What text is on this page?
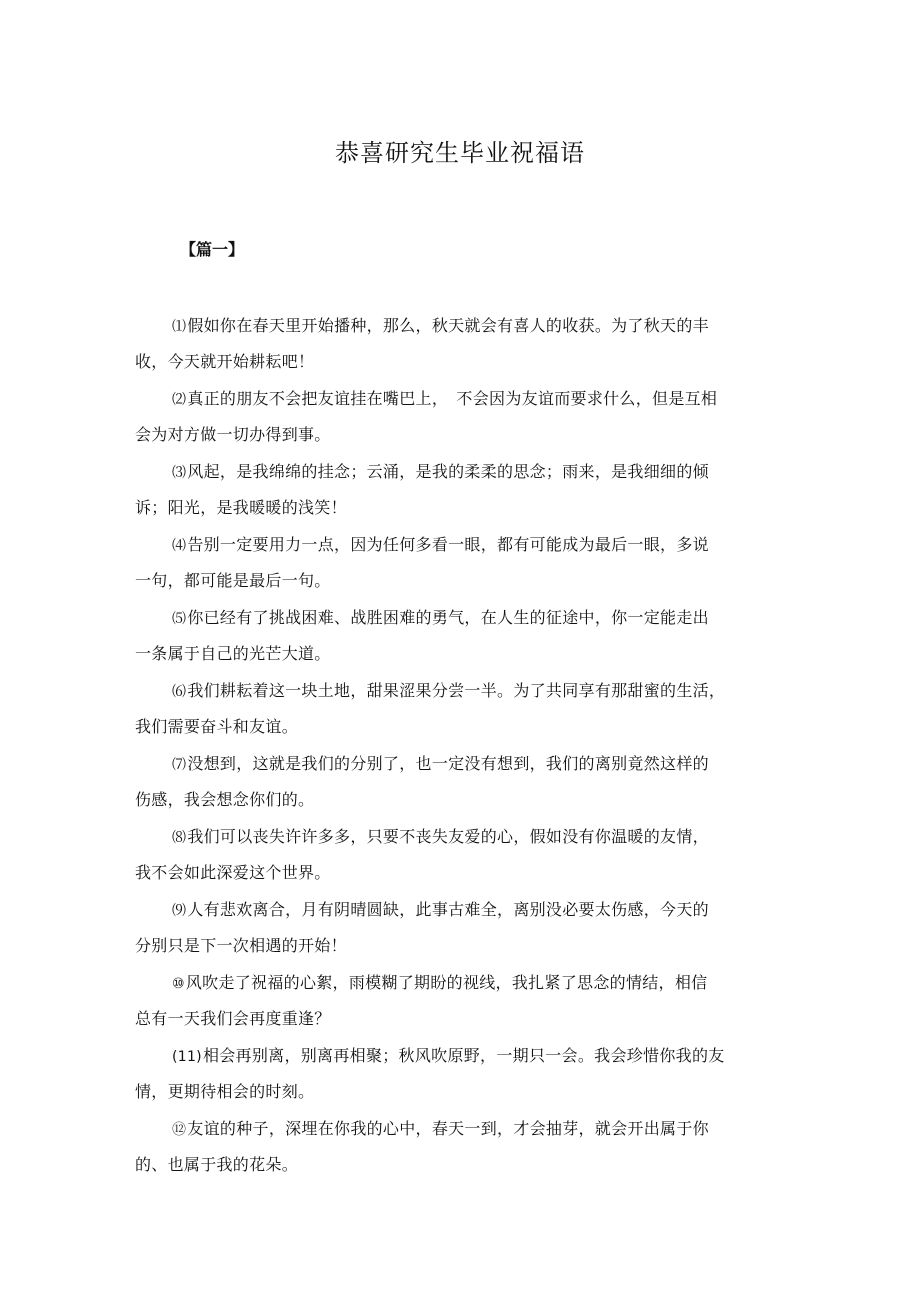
恭喜研究生毕业祝福语

【篇一】

⑴假如你在春天里开始播种，那么，秋天就会有喜人的收获。为了秋天的丰
收，今天就开始耕耘吧！
⑵真正的朋友不会把友谊挂在嘴巴上，　不会因为友谊而要求什么，但是互相
会为对方做一切办得到事。
⑶风起，是我绵绵的挂念；云涌，是我的柔柔的思念；雨来，是我细细的倾
诉；阳光，是我暖暖的浅笑！
⑷告别一定要用力一点，因为任何多看一眼，都有可能成为最后一眼，多说
一句，都可能是最后一句。
⑸你已经有了挑战困难、战胜困难的勇气，在人生的征途中，你一定能走出
一条属于自己的光芒大道。
⑹我们耕耘着这一块土地，甜果涩果分尝一半。为了共同享有那甜蜜的生活，
我们需要奋斗和友谊。
⑺没想到，这就是我们的分别了，也一定没有想到，我们的离别竟然这样的
伤感，我会想念你们的。
⑻我们可以丧失许许多多，只要不丧失友爱的心，假如没有你温暖的友情，
我不会如此深爱这个世界。
⑼人有悲欢离合，月有阴晴圆缺，此事古难全，离别没必要太伤感，今天的
分别只是下一次相遇的开始！
⑩风吹走了祝福的心絮，雨模糊了期盼的视线，我扎紧了思念的情结，相信
总有一天我们会再度重逢？
(11)相会再别离，别离再相聚；秋风吹原野，一期只一会。我会珍惜你我的友
情，更期待相会的时刻。
⑫友谊的种子，深埋在你我的心中，春天一到，才会抽芽，就会开出属于你
的、也属于我的花朵。
